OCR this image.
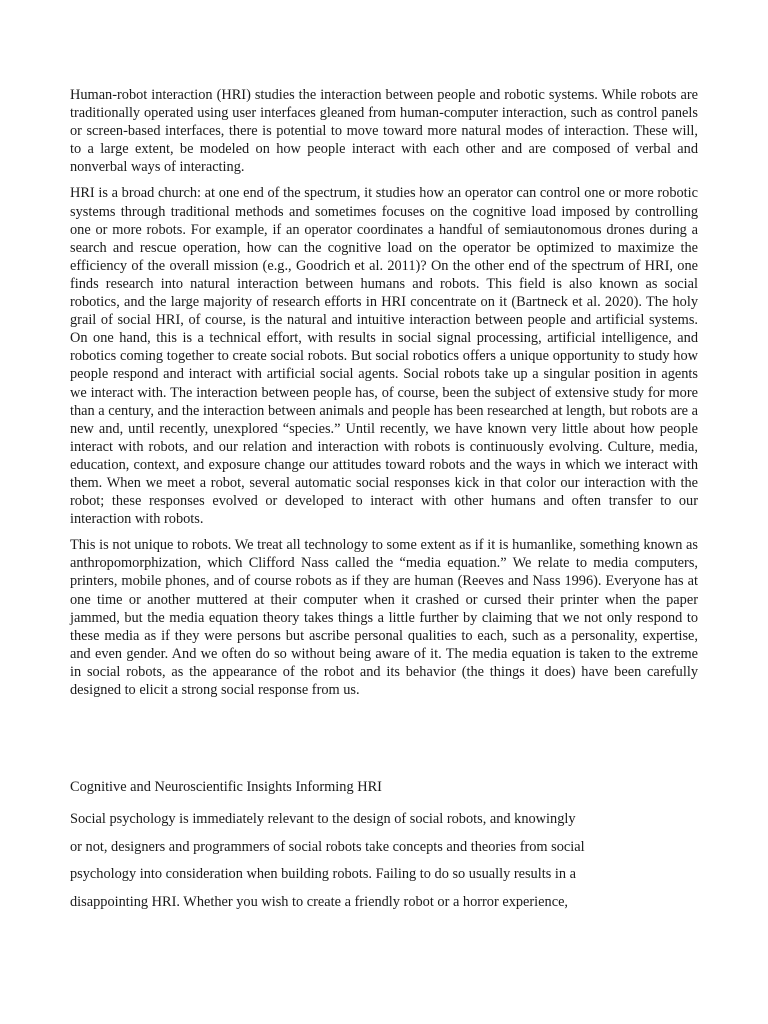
Human-robot interaction (HRI) studies the interaction between people and robotic systems. While robots are traditionally operated using user interfaces gleaned from human-computer interaction, such as control panels or screen-based interfaces, there is potential to move toward more natural modes of interaction. These will, to a large extent, be modeled on how people interact with each other and are composed of verbal and nonverbal ways of interacting.

HRI is a broad church: at one end of the spectrum, it studies how an operator can control one or more robotic systems through traditional methods and sometimes focuses on the cognitive load imposed by controlling one or more robots. For example, if an operator coordinates a handful of semiautonomous drones during a search and rescue operation, how can the cognitive load on the operator be optimized to maximize the efficiency of the overall mission (e.g., Goodrich et al. 2011)? On the other end of the spectrum of HRI, one finds research into natural interaction between humans and robots. This field is also known as social robotics, and the large majority of research efforts in HRI concentrate on it (Bartneck et al. 2020). The holy grail of social HRI, of course, is the natural and intuitive interaction between people and artificial systems. On one hand, this is a technical effort, with results in social signal processing, artificial intelligence, and robotics coming together to create social robots. But social robotics offers a unique opportunity to study how people respond and interact with artificial social agents. Social robots take up a singular position in agents we interact with. The interaction between people has, of course, been the subject of extensive study for more than a century, and the interaction between animals and people has been researched at length, but robots are a new and, until recently, unexplored “species.” Until recently, we have known very little about how people interact with robots, and our relation and interaction with robots is continuously evolving. Culture, media, education, context, and exposure change our attitudes toward robots and the ways in which we interact with them. When we meet a robot, several automatic social responses kick in that color our interaction with the robot; these responses evolved or developed to interact with other humans and often transfer to our interaction with robots.

This is not unique to robots. We treat all technology to some extent as if it is humanlike, something known as anthropomorphization, which Clifford Nass called the “media equation.” We relate to media computers, printers, mobile phones, and of course robots as if they are human (Reeves and Nass 1996). Everyone has at one time or another muttered at their computer when it crashed or cursed their printer when the paper jammed, but the media equation theory takes things a little further by claiming that we not only respond to these media as if they were persons but ascribe personal qualities to each, such as a personality, expertise, and even gender. And we often do so without being aware of it. The media equation is taken to the extreme in social robots, as the appearance of the robot and its behavior (the things it does) have been carefully designed to elicit a strong social response from us.

Cognitive and Neuroscientific Insights Informing HRI
Social psychology is immediately relevant to the design of social robots, and knowingly
or not, designers and programmers of social robots take concepts and theories from social
psychology into consideration when building robots. Failing to do so usually results in a
disappointing HRI. Whether you wish to create a friendly robot or a horror experience,
